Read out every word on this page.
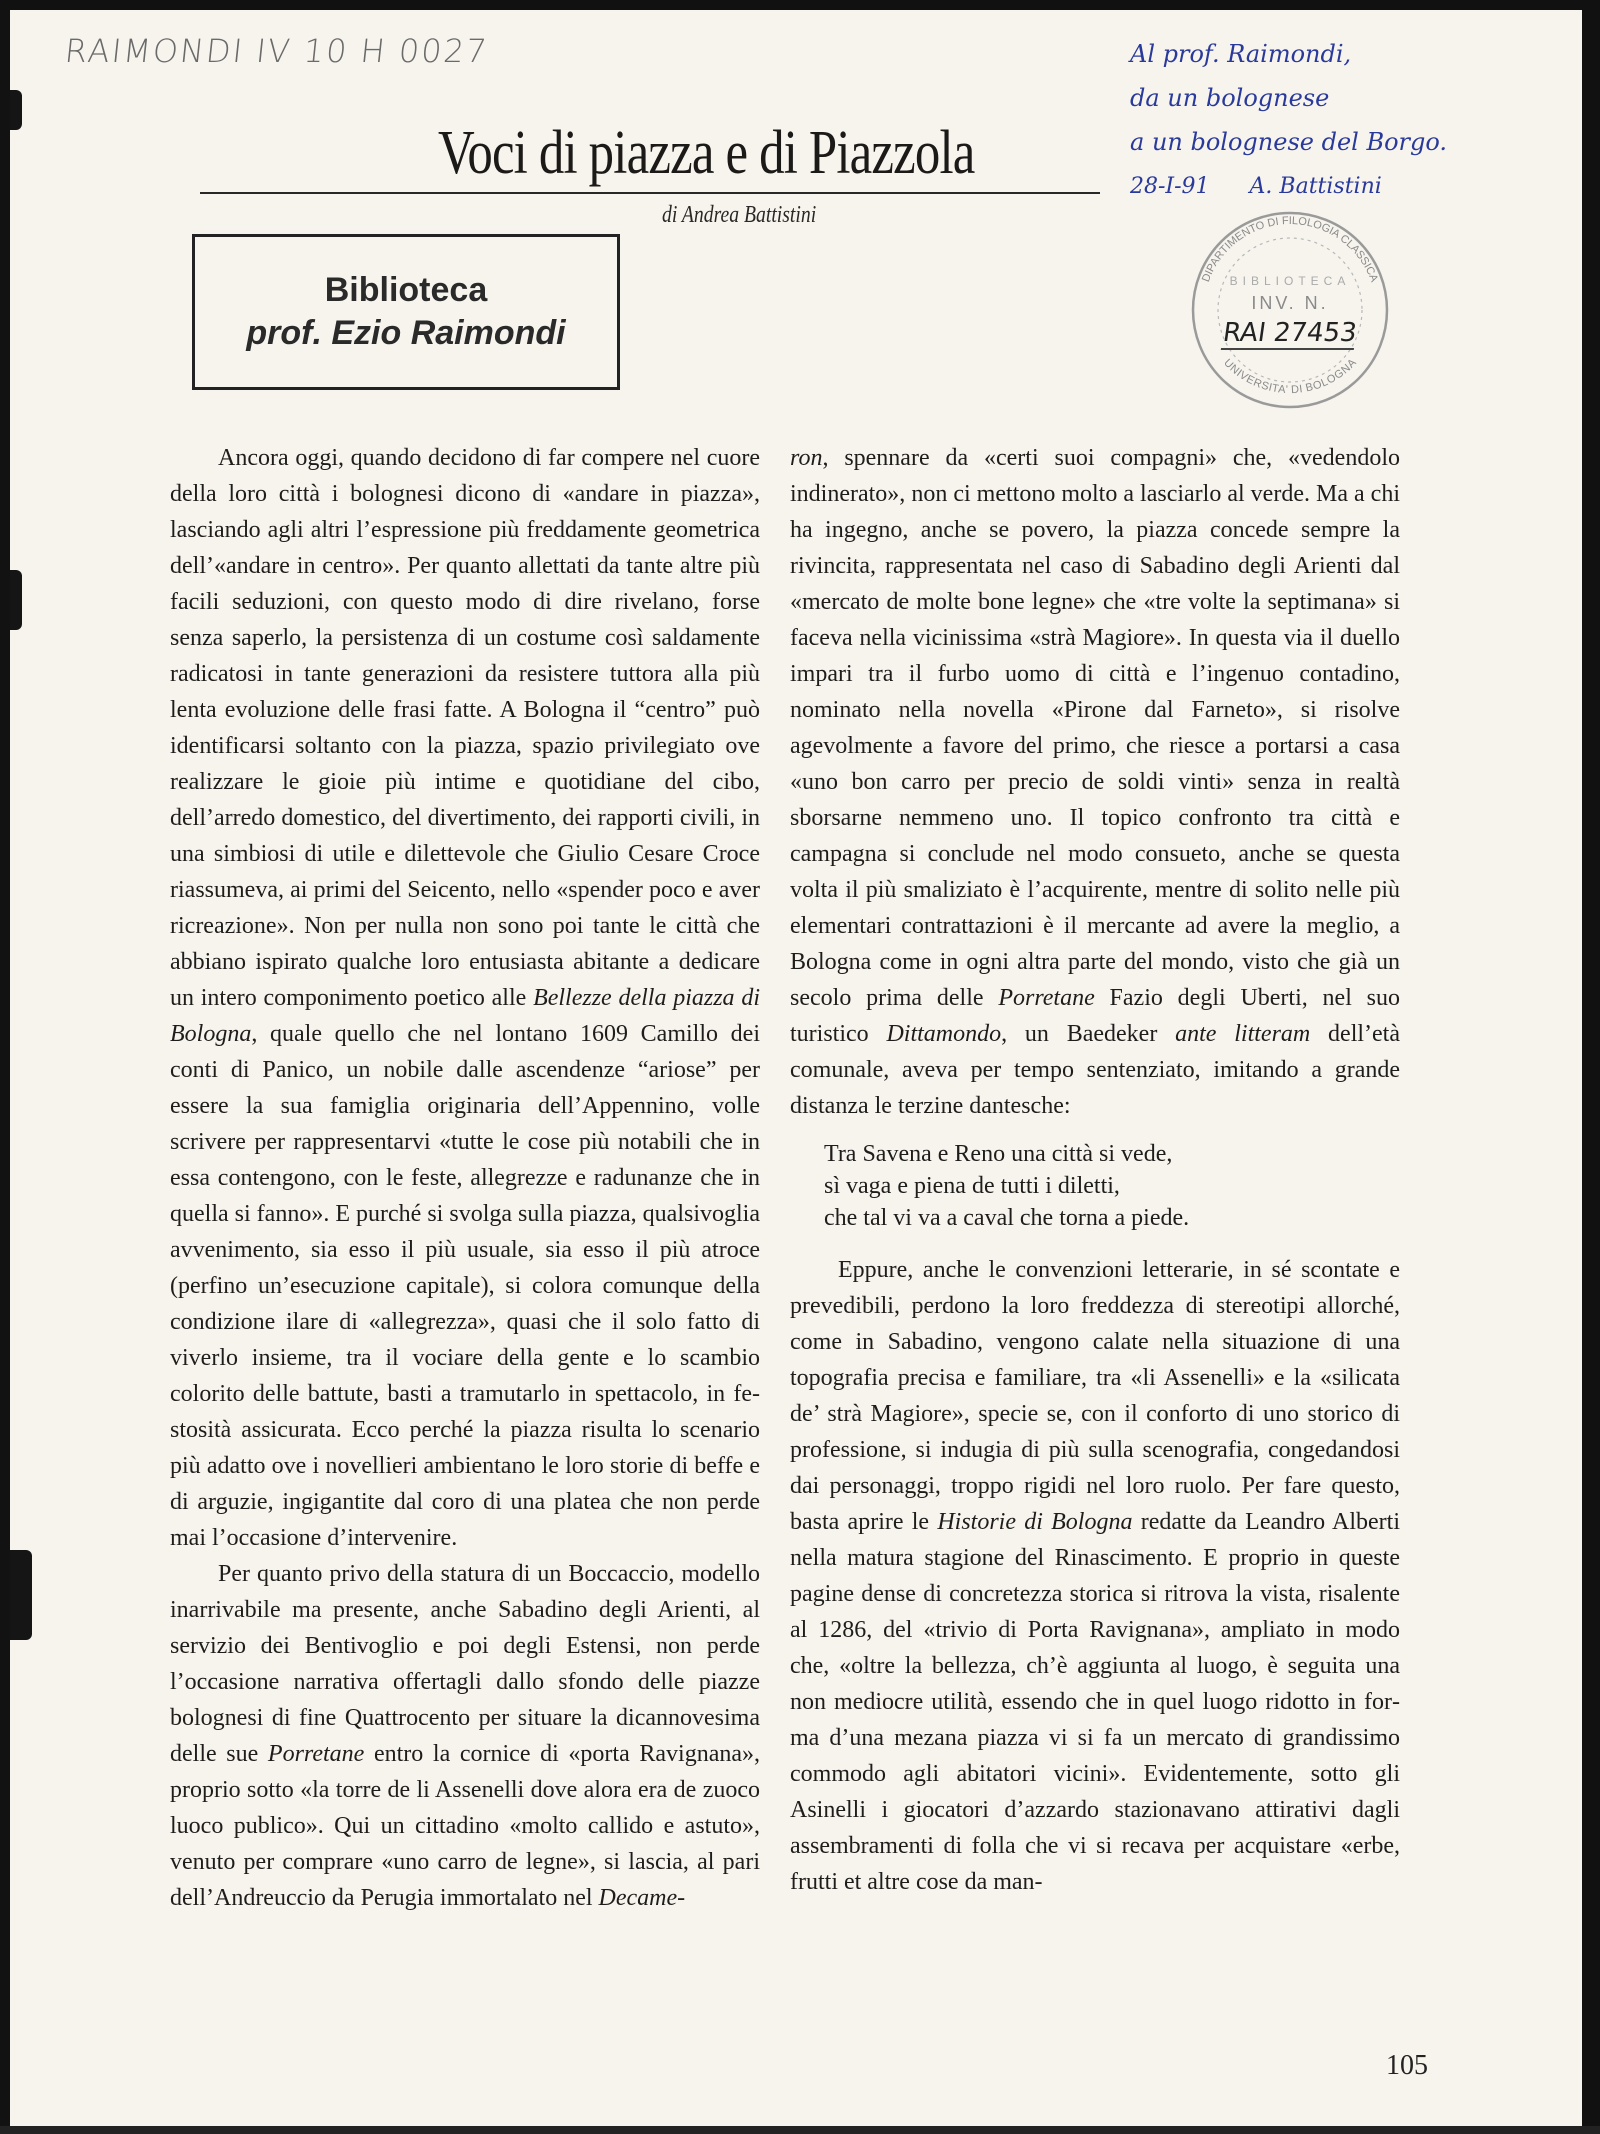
RAIMONDI IV 10 H 0027
Voci di piazza e di Piazzola
di Andrea Battistini
Biblioteca
prof. Ezio Raimondi
Al prof. Raimondi,
da un bolognese
a un bolognese del Borgo.
28-I-91 A. Battistini
DIPARTIMENTO DI FILOLOGIA CLASSICA
UNIVERSITA' DI BOLOGNA
BIBLIOTECA
INV. N.
RAI 27453

Ancora oggi, quando decidono di far compere nel cuore della loro città i bolognesi dicono di «andare in piazza», lasciando agli altri l’espressione più freddamente geometrica dell’«andare in centro». Per quanto allettati da tante altre più facili seduzioni, con questo modo di dire rivelano, forse senza saperlo, la persistenza di un costume così saldamente radicatosi in tante generazioni da resistere tuttora alla più lenta evoluzione delle frasi fatte. A Bologna il “centro” può identificarsi soltanto con la piazza, spazio privilegiato ove realizzare le gioie più intime e quotidiane del cibo, dell’arredo domestico, del divertimento, dei rapporti civili, in una simbiosi di utile e dilettevole che Giulio Cesare Croce riassumeva, ai primi del Seicento, nello «spender poco e aver ricreazione». Non per nulla non sono poi tante le città che abbiano ispirato qualche loro entusiasta abitante a dedicare un intero componimento poetico alle Bellezze della piazza di Bologna, quale quello che nel lontano 1609 Camillo dei conti di Panico, un nobile dalle ascendenze “ariose” per essere la sua famiglia originaria dell’Appennino, volle scrivere per rappresentarvi «tutte le cose più notabili che in essa contengono, con le feste, allegrezze e radunanze che in quella si fanno». E purché si svolga sulla piazza, qualsivoglia avvenimento, sia esso il più usuale, sia esso il più atroce (perfino un’esecuzione capitale), si colora comunque della condizione ilare di «allegrezza», quasi che il solo fatto di viverlo insieme, tra il vociare della gente e lo scambio colorito delle battute, basti a tramutarlo in spettacolo, in festosità assicurata. Ecco perché la piazza risulta lo scenario più adatto ove i novellieri ambientano le loro storie di beffe e di arguzie, ingigantite dal coro di una platea che non perde mai l’occasione d’intervenire.

Per quanto privo della statura di un Boccaccio, modello inarrivabile ma presente, anche Sabadino degli Arienti, al servizio dei Bentivoglio e poi degli Estensi, non perde l’occasione narrativa offertagli dallo sfondo delle piazze bolognesi di fine Quattrocento per situare la dicannovesima delle sue Porretane entro la cornice di «porta Ravignana», proprio sotto «la torre de li Assenelli dove alora era de zuoco luoco publico». Qui un cittadino «molto callido e astuto», venuto per comprare «uno carro de legne», si lascia, al pari dell’Andreuccio da Perugia immortalato nel Decame-

ron, spennare da «certi suoi compagni» che, «vedendolo indinerato», non ci mettono molto a lasciarlo al verde. Ma a chi ha ingegno, anche se povero, la piazza concede sempre la rivincita, rappresentata nel caso di Sabadino degli Arienti dal «mercato de molte bone legne» che «tre volte la septimana» si faceva nella vicinissima «strà Magiore». In questa via il duello impari tra il furbo uomo di città e l’ingenuo contadino, nominato nella novella «Pirone dal Farneto», si risolve agevolmente a favore del primo, che riesce a portarsi a casa «uno bon carro per precio de soldi vinti» senza in realtà sborsarne nemmeno uno. Il topico confronto tra città e campagna si conclude nel modo consueto, anche se questa volta il più smaliziato è l’acquirente, mentre di solito nelle più elementari contrattazioni è il mercante ad avere la meglio, a Bologna come in ogni altra parte del mondo, visto che già un secolo prima delle Porretane Fazio degli Uberti, nel suo turistico Dittamondo, un Baedeker ante litteram dell’età comunale, aveva per tempo sentenziato, imitando a grande distanza le terzine dantesche:

Tra Savena e Reno una città si vede,
sì vaga e piena de tutti i diletti,
che tal vi va a caval che torna a piede.

Eppure, anche le convenzioni letterarie, in sé scontate e prevedibili, perdono la loro freddezza di stereotipi allorché, come in Sabadino, vengono calate nella situazione di una topografia precisa e familiare, tra «li Assenelli» e la «silicata de’ strà Magiore», specie se, con il conforto di uno storico di professione, si indugia di più sulla scenografia, congedandosi dai personaggi, troppo rigidi nel loro ruolo. Per fare questo, basta aprire le Historie di Bologna redatte da Leandro Alberti nella matura stagione del Rinascimento. E proprio in queste pagine dense di concretezza storica si ritrova la vista, risalente al 1286, del «trivio di Porta Ravignana», ampliato in modo che, «oltre la bellezza, ch’è aggiunta al luogo, è seguita una non mediocre utilità, essendo che in quel luogo ridotto in forma d’una mezana piazza vi si fa un mercato di grandissimo commodo agli abitatori vicini». Evidentemente, sotto gli Asinelli i giocatori d’azzardo stazionavano attirativi dagli assembramenti di folla che vi si recava per acquistare «erbe, frutti et altre cose da man-

105
